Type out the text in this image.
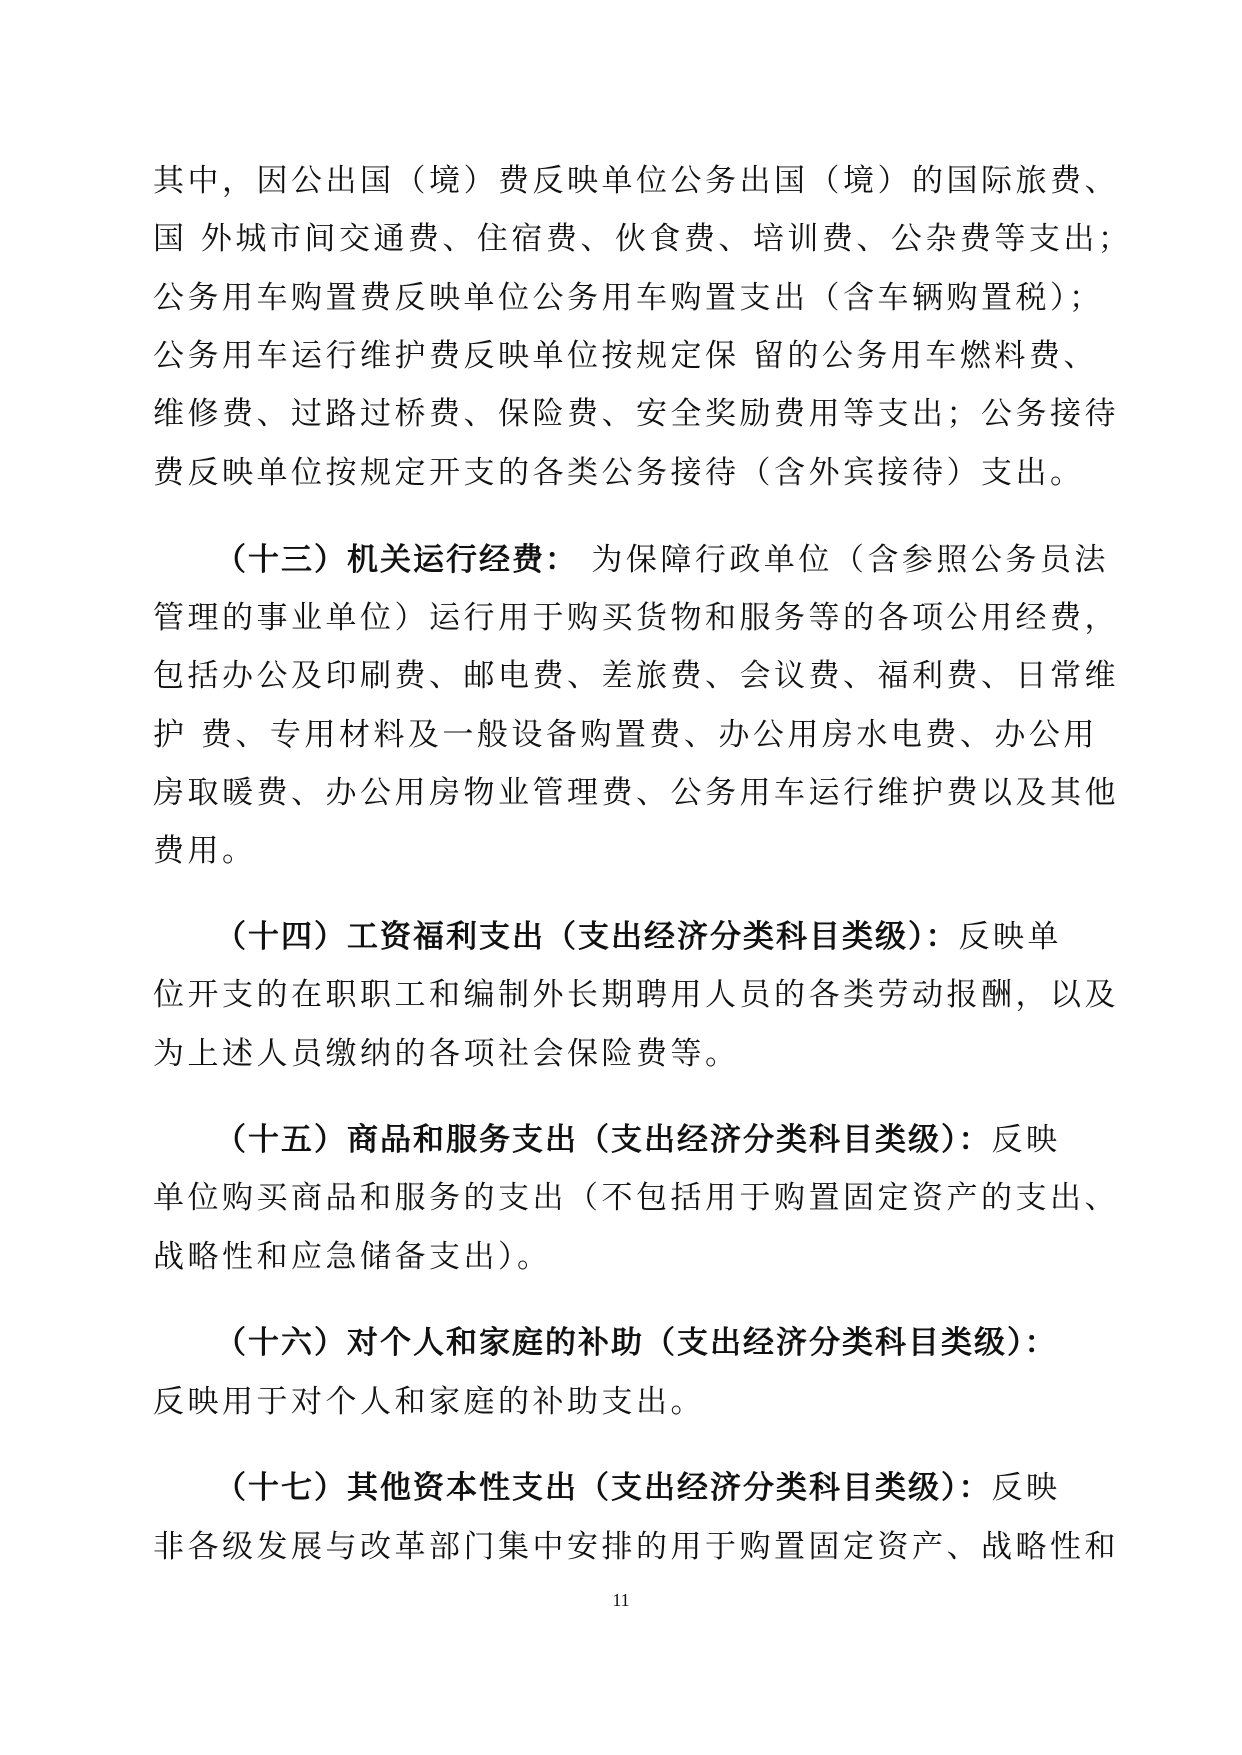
其中，因公出国（境）费反映单位公务出国（境）的国际旅费、
国 外城市间交通费、住宿费、伙食费、培训费、公杂费等支出；
公务用车购置费反映单位公务用车购置支出（含车辆购置税）；
公务用车运行维护费反映单位按规定保 留的公务用车燃料费、
维修费、过路过桥费、保险费、安全奖励费用等支出；公务接待
费反映单位按规定开支的各类公务接待（含外宾接待）支出。
（十三）机关运行经费： 为保障行政单位（含参照公务员法
管理的事业单位）运行用于购买货物和服务等的各项公用经费，
包括办公及印刷费、邮电费、差旅费、会议费、福利费、日常维
护 费、专用材料及一般设备购置费、办公用房水电费、办公用
房取暖费、办公用房物业管理费、公务用车运行维护费以及其他
费用。
（十四）工资福利支出（支出经济分类科目类级）：反映单
位开支的在职职工和编制外长期聘用人员的各类劳动报酬，以及
为上述人员缴纳的各项社会保险费等。
（十五）商品和服务支出（支出经济分类科目类级）：反映
单位购买商品和服务的支出（不包括用于购置固定资产的支出、
战略性和应急储备支出）。
（十六）对个人和家庭的补助（支出经济分类科目类级）：
反映用于对个人和家庭的补助支出。
（十七）其他资本性支出（支出经济分类科目类级）：反映
非各级发展与改革部门集中安排的用于购置固定资产、战略性和
11
